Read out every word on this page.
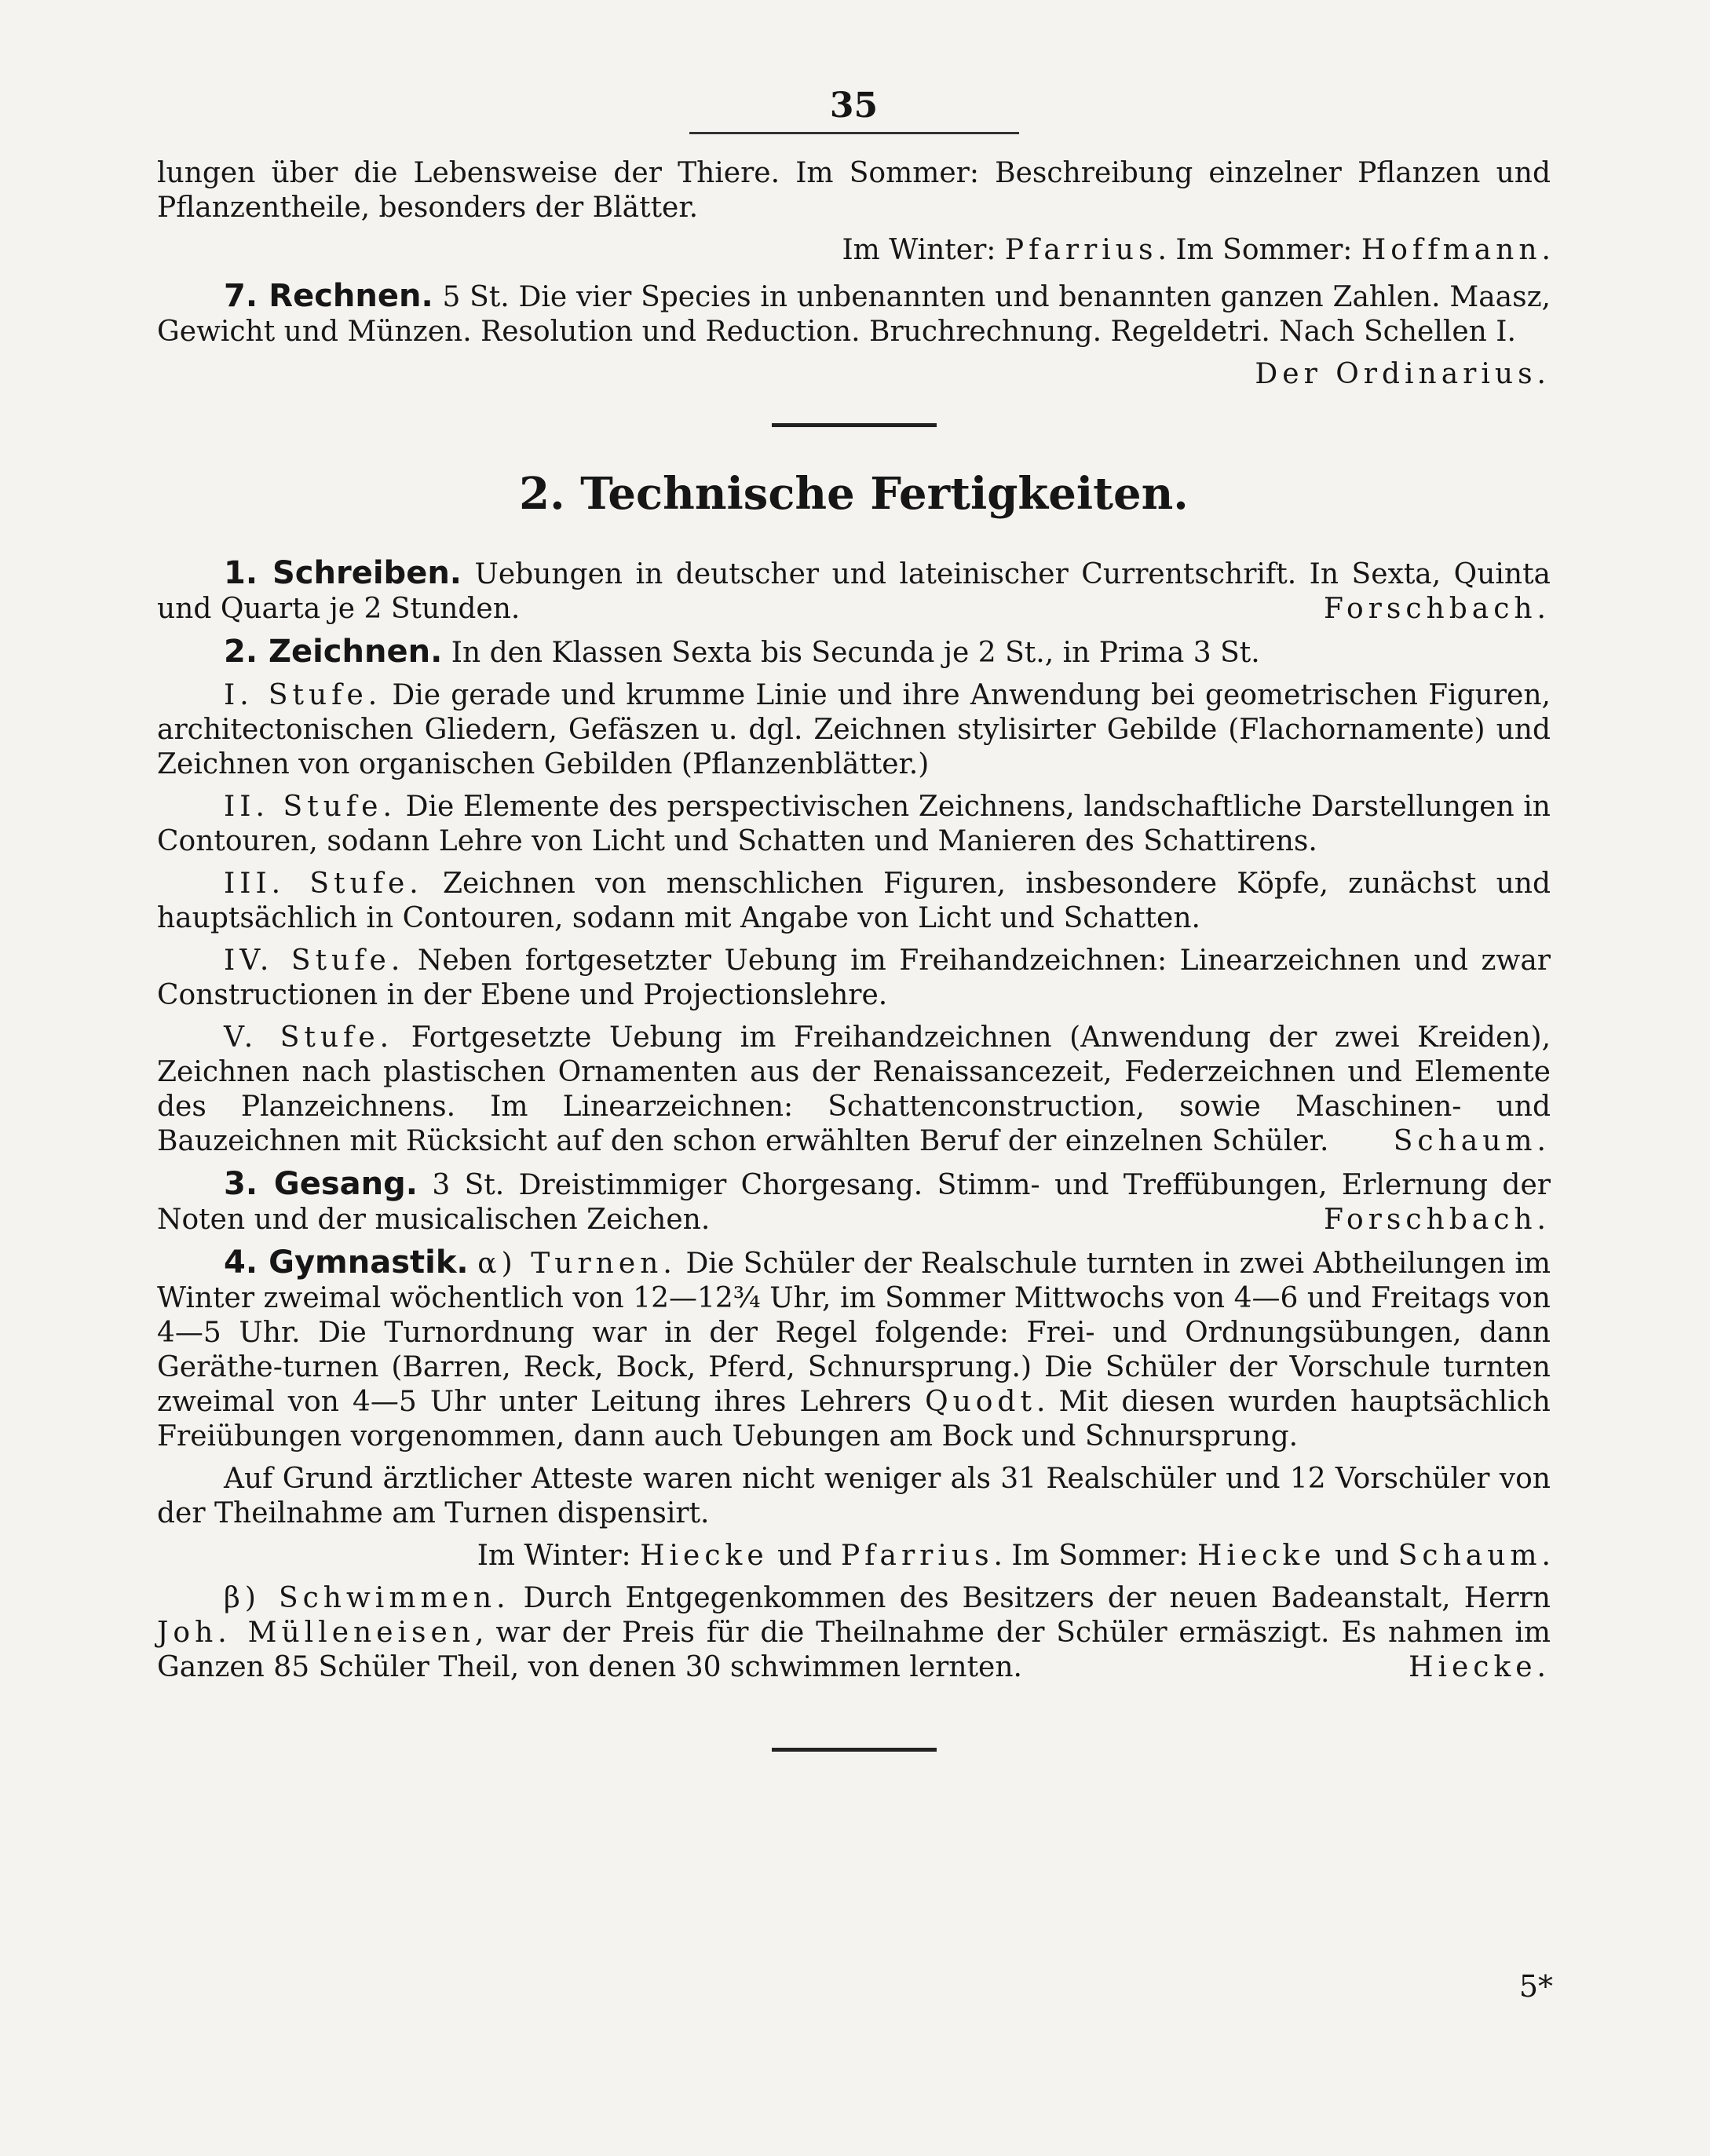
35

lungen über die Lebensweise der Thiere. Im Sommer: Beschreibung einzelner Pflanzen und Pflanzentheile, besonders der Blätter.

Im Winter: Pfarrius. Im Sommer: Hoffmann.

7. Rechnen. 5 St. Die vier Species in unbenannten und benannten ganzen Zahlen. Maasz, Gewicht und Münzen. Resolution und Reduction. Bruchrechnung. Regeldetri. Nach Schellen I.

Der Ordinarius.

2. Technische Fertigkeiten.

1. Schreiben. Uebungen in deutscher und lateinischer Currentschrift. In Sexta, Quinta und Quarta je 2 Stunden.	Forschbach.

2. Zeichnen. In den Klassen Sexta bis Secunda je 2 St., in Prima 3 St.

I. Stufe. Die gerade und krumme Linie und ihre Anwendung bei geometrischen Figuren, architectonischen Gliedern, Gefäszen u. dgl. Zeichnen stylisirter Gebilde (Flachornamente) und Zeichnen von organischen Gebilden (Pflanzenblätter.)

II. Stufe. Die Elemente des perspectivischen Zeichnens, landschaftliche Darstellungen in Contouren, sodann Lehre von Licht und Schatten und Manieren des Schattirens.

III. Stufe. Zeichnen von menschlichen Figuren, insbesondere Köpfe, zunächst und hauptsächlich in Contouren, sodann mit Angabe von Licht und Schatten.

IV. Stufe. Neben fortgesetzter Uebung im Freihandzeichnen: Linearzeichnen und zwar Constructionen in der Ebene und Projectionslehre.

V. Stufe. Fortgesetzte Uebung im Freihandzeichnen (Anwendung der zwei Kreiden), Zeichnen nach plastischen Ornamenten aus der Renaissancezeit, Federzeichnen und Elemente des Planzeichnens. Im Linearzeichnen: Schattenconstruction, sowie Maschinen- und Bauzeichnen mit Rücksicht auf den schon erwählten Beruf der einzelnen Schüler.	Schaum.

3. Gesang. 3 St. Dreistimmiger Chorgesang. Stimm- und Treffübungen, Erlernung der Noten und der musicalischen Zeichen.	Forschbach.

4. Gymnastik. α) Turnen. Die Schüler der Realschule turnten in zwei Abtheilungen im Winter zweimal wöchentlich von 12—12¾ Uhr, im Sommer Mittwochs von 4—6 und Freitags von 4—5 Uhr. Die Turnordnung war in der Regel folgende: Frei- und Ordnungsübungen, dann Geräthe-turnen (Barren, Reck, Bock, Pferd, Schnursprung.) Die Schüler der Vorschule turnten zweimal von 4—5 Uhr unter Leitung ihres Lehrers Quodt. Mit diesen wurden hauptsächlich Freiübungen vorgenommen, dann auch Uebungen am Bock und Schnursprung.

Auf Grund ärztlicher Atteste waren nicht weniger als 31 Realschüler und 12 Vorschüler von der Theilnahme am Turnen dispensirt.

Im Winter: Hiecke und Pfarrius. Im Sommer: Hiecke und Schaum.

β) Schwimmen. Durch Entgegenkommen des Besitzers der neuen Badeanstalt, Herrn Joh. Mülleneisen, war der Preis für die Theilnahme der Schüler ermäszigt. Es nahmen im Ganzen 85 Schüler Theil, von denen 30 schwimmen lernten.	Hiecke.

5*
